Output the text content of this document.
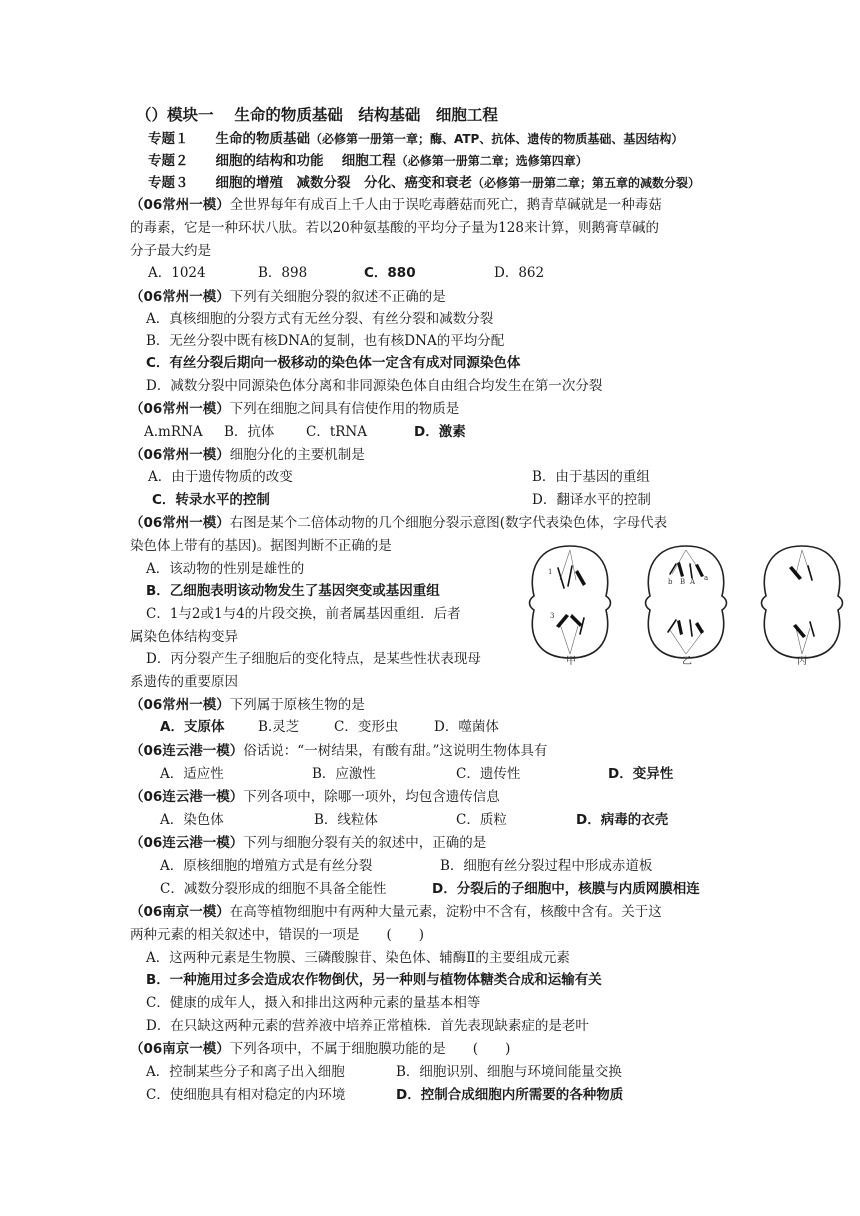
（）模块一　 生命的物质基础　结构基础　细胞工程
专题１　　生命的物质基础（必修第一册第一章；酶、ATP、抗体、遗传的物质基础、基因结构）
专题２　　细胞的结构和功能　 细胞工程（必修第一册第二章；选修第四章）
专题３　　细胞的增殖　减数分裂　分化、癌变和衰老（必修第一册第二章；第五章的减数分裂）
（06常州一模）全世界每年有成百上千人由于误吃毒蘑菇而死亡，鹅青草碱就是一种毒菇
的毒素，它是一种环状八肽。若以20种氨基酸的平均分子量为128来计算，则鹅膏草碱的
分子最大约是
A．1024	B．898	C．880	D．862
（06常州一模）下列有关细胞分裂的叙述不正确的是
A．真核细胞的分裂方式有无丝分裂、有丝分裂和减数分裂
B．无丝分裂中既有核DNA的复制，也有核DNA的平均分配
C．有丝分裂后期向一极移动的染色体一定含有成对同源染色体
D．减数分裂中同源染色体分离和非同源染色体自由组合均发生在第一次分裂
（06常州一模）下列在细胞之间具有信使作用的物质是
A.mRNA B．抗体 C．tRNA	D．激素
（06常州一模）细胞分化的主要机制是
A．由于遗传物质的改变	B．由于基因的重组
C．转录水平的控制	D．翻译水平的控制
（06常州一模）右图是某个二倍体动物的几个细胞分裂示意图(数字代表染色体，字母代表
染色体上带有的基因)。据图判断不正确的是
A．该动物的性别是雄性的
B．乙细胞表明该动物发生了基因突变或基因重组
C．1与2或1与4的片段交换，前者属基因重组．后者
属染色体结构变异
D．丙分裂产生子细胞后的变化特点，是某些性状表现母
系遗传的重要原因
1
3
b B A a
甲	乙	丙
（06常州一模）下列属于原核生物的是
A．支原体 B.灵芝	C．变形虫	D．噬菌体
（06连云港一模）俗话说：“一树结果，有酸有甜。”这说明生物体具有
A．适应性	B．应激性	C．遗传性	D．变异性
（06连云港一模）下列各项中，除哪一项外，均包含遗传信息
A．染色体	B．线粒体	C．质粒	D．病毒的衣壳
（06连云港一模）下列与细胞分裂有关的叙述中，正确的是
A．原核细胞的增殖方式是有丝分裂	B．细胞有丝分裂过程中形成赤道板
C．减数分裂形成的细胞不具备全能性	D．分裂后的子细胞中，核膜与内质网膜相连
（06南京一模）在高等植物细胞中有两种大量元素，淀粉中不含有，核酸中含有。关于这
两种元素的相关叙述中，错误的一项是　　(　　)
A．这两种元素是生物膜、三磷酸腺苷、染色体、辅酶Ⅱ的主要组成元素
B．一种施用过多会造成农作物倒伏，另一种则与植物体糖类合成和运输有关
C．健康的成年人，摄入和排出这两种元素的量基本相等
D．在只缺这两种元素的营养液中培养正常植株．首先表现缺素症的是老叶
（06南京一模）下列各项中，不属于细胞膜功能的是　　(　　)
A．控制某些分子和离子出入细胞	B．细胞识别、细胞与环境间能量交换
C．使细胞具有相对稳定的内环境	D．控制合成细胞内所需要的各种物质
